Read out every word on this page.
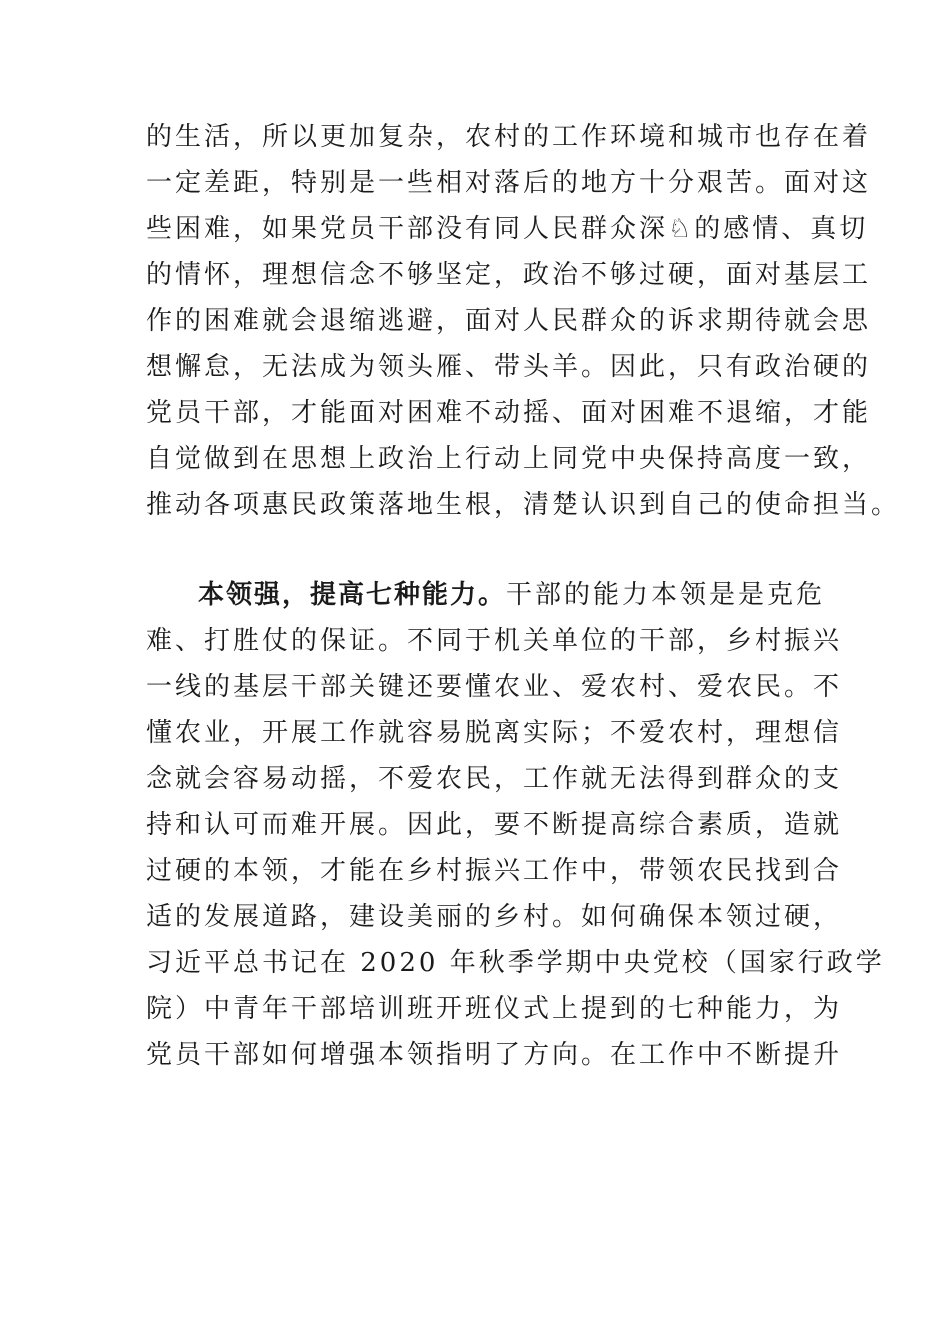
的生活，所以更加复杂，农村的工作环境和城市也存在着
一定差距，特别是一些相对落后的地方十分艰苦。面对这
些困难，如果党员干部没有同人民群众深♘的感情、真切
的情怀，理想信念不够坚定，政治不够过硬，面对基层工
作的困难就会退缩逃避，面对人民群众的诉求期待就会思
想懈怠，无法成为领头雁、带头羊。因此，只有政治硬的
党员干部，才能面对困难不动摇、面对困难不退缩，才能
自觉做到在思想上政治上行动上同党中央保持高度一致，
推动各项惠民政策落地生根，清楚认识到自己的使命担当。
本领强，提高七种能力。干部的能力本领是是克危
难、打胜仗的保证。不同于机关单位的干部，乡村振兴
一线的基层干部关键还要懂农业、爱农村、爱农民。不
懂农业，开展工作就容易脱离实际；不爱农村，理想信
念就会容易动摇，不爱农民，工作就无法得到群众的支
持和认可而难开展。因此，要不断提高综合素质，造就
过硬的本领，才能在乡村振兴工作中，带领农民找到合
适的发展道路，建设美丽的乡村。如何确保本领过硬，
习近平总书记在 2020 年秋季学期中央党校（国家行政学
院）中青年干部培训班开班仪式上提到的七种能力，为
党员干部如何增强本领指明了方向。在工作中不断提升
